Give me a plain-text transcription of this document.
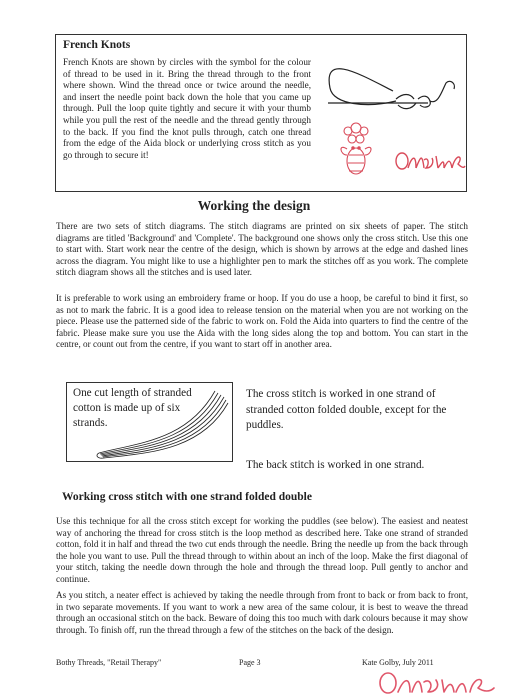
French Knots
French Knots are shown by circles with the symbol for the colour of thread to be used in it. Bring the thread through to the front where shown. Wind the thread once or twice around the needle, and insert the needle point back down the hole that you came up through. Pull the loop quite tightly and secure it with your thumb while you pull the rest of the needle and the thread gently through to the back. If you find the knot pulls through, catch one thread from the edge of the Aida block or underlying cross stitch as you go through to secure it!
Working the design
There are two sets of stitch diagrams. The stitch diagrams are printed on six sheets of paper. The stitch diagrams are titled 'Background' and 'Complete'. The background one shows only the cross stitch. Use this one to start with. Start work near the centre of the design, which is shown by arrows at the edge and dashed lines across the diagram. You might like to use a highlighter pen to mark the stitches off as you work. The complete stitch diagram shows all the stitches and is used later.
It is preferable to work using an embroidery frame or hoop. If you do use a hoop, be careful to bind it first, so as not to mark the fabric. It is a good idea to release tension on the material when you are not working on the piece. Please use the patterned side of the fabric to work on. Fold the Aida into quarters to find the centre of the fabric. Please make sure you use the Aida with the long sides along the top and bottom. You can start in the centre, or count out from the centre, if you want to start off in another area.
One cut length of stranded cotton is made up of six strands.
The cross stitch is worked in one strand of stranded cotton folded double, except for the puddles.
The back stitch is worked in one strand.
Working cross stitch with one strand folded double
Use this technique for all the cross stitch except for working the puddles (see below). The easiest and neatest way of anchoring the thread for cross stitch is the loop method as described here. Take one strand of stranded cotton, fold it in half and thread the two cut ends through the needle. Bring the needle up from the back through the hole you want to use. Pull the thread through to within about an inch of the loop. Make the first diagonal of your stitch, taking the needle down through the hole and through the thread loop. Pull gently to anchor and continue.
As you stitch, a neater effect is achieved by taking the needle through from front to back or from back to front, in two separate movements. If you want to work a new area of the same colour, it is best to weave the thread through an occasional stitch on the back. Beware of doing this too much with dark colours because it may show through. To finish off, run the thread through a few of the stitches on the back of the design.
Bothy Threads, "Retail Therapy"	Page 3	Kate Golby, July 2011
